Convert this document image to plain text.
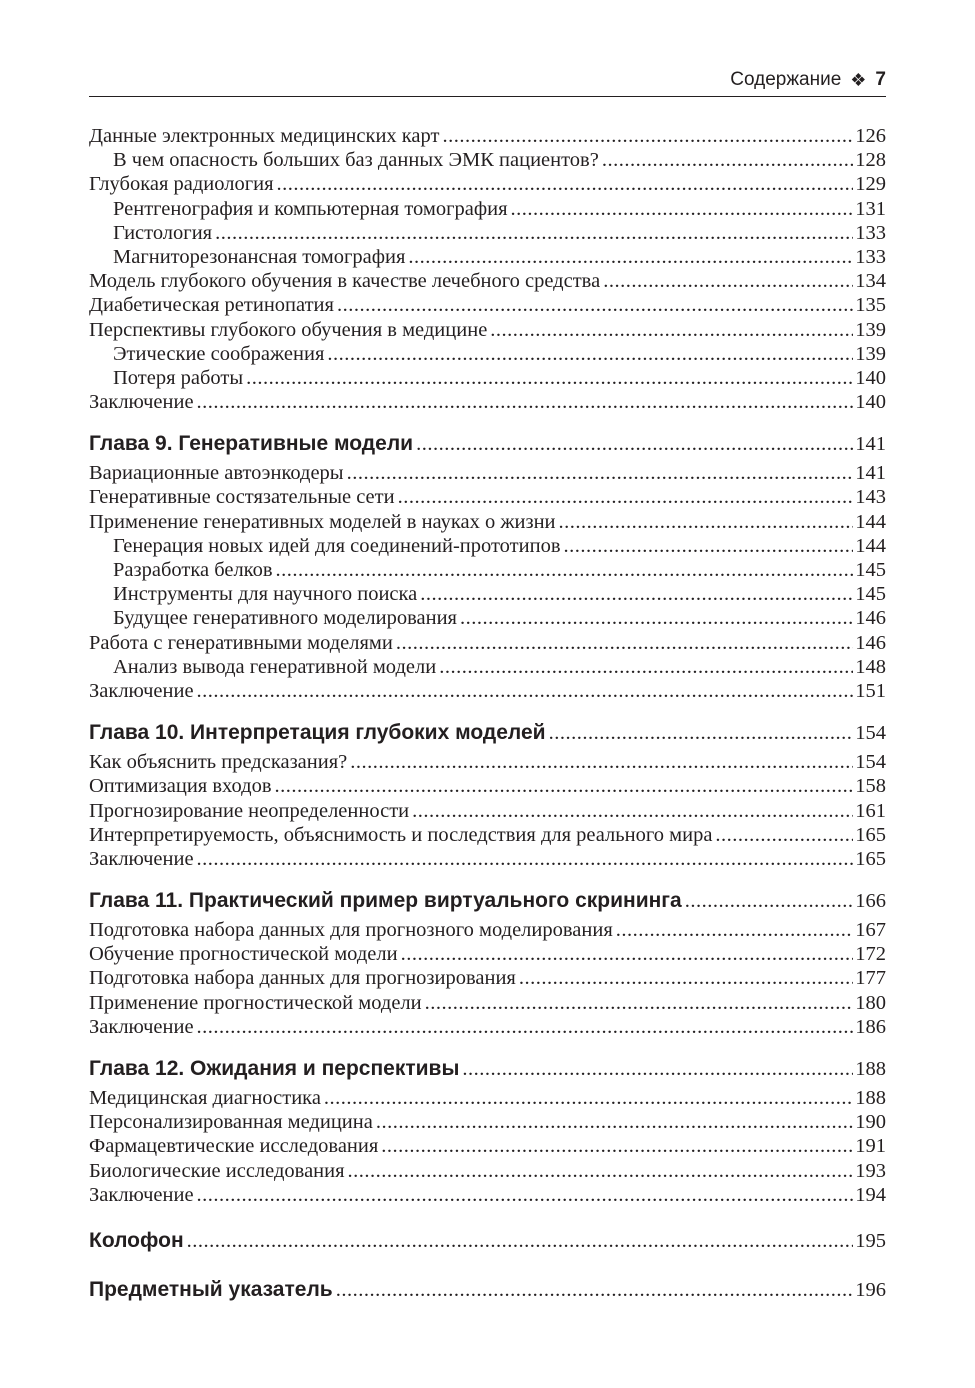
Содержание ❖ 7
Данные электронных медицинских карт .....	126
В чем опасность больших баз данных ЭМК пациентов? .....	128
Глубокая радиология .....	129
Рентгенография и компьютерная томография .....	131
Гистология .....	133
Магниторезонансная томография .....	133
Модель глубокого обучения в качестве лечебного средства .....	134
Диабетическая ретинопатия .....	135
Перспективы глубокого обучения в медицине .....	139
Этические соображения .....	139
Потеря работы .....	140
Заключение .....	140
Глава 9. Генеративные модели .....	141
Вариационные автоэнкодеры .....	141
Генеративные состязательные сети .....	143
Применение генеративных моделей в науках о жизни .....	144
Генерация новых идей для соединений-прототипов .....	144
Разработка белков .....	145
Инструменты для научного поиска .....	145
Будущее генеративного моделирования .....	146
Работа с генеративными моделями .....	146
Анализ вывода генеративной модели .....	148
Заключение .....	151
Глава 10. Интерпретация глубоких моделей .....	154
Как объяснить предсказания? .....	154
Оптимизация входов .....	158
Прогнозирование неопределенности .....	161
Интерпретируемость, объяснимость и последствия для реального мира .....	165
Заключение .....	165
Глава 11. Практический пример виртуального скрининга .....	166
Подготовка набора данных для прогнозного моделирования .....	167
Обучение прогностической модели .....	172
Подготовка набора данных для прогнозирования .....	177
Применение прогностической модели .....	180
Заключение .....	186
Глава 12. Ожидания и перспективы .....	188
Медицинская диагностика .....	188
Персонализированная медицина .....	190
Фармацевтические исследования .....	191
Биологические исследования .....	193
Заключение .....	194
Колофон .....	195
Предметный указатель .....	196
